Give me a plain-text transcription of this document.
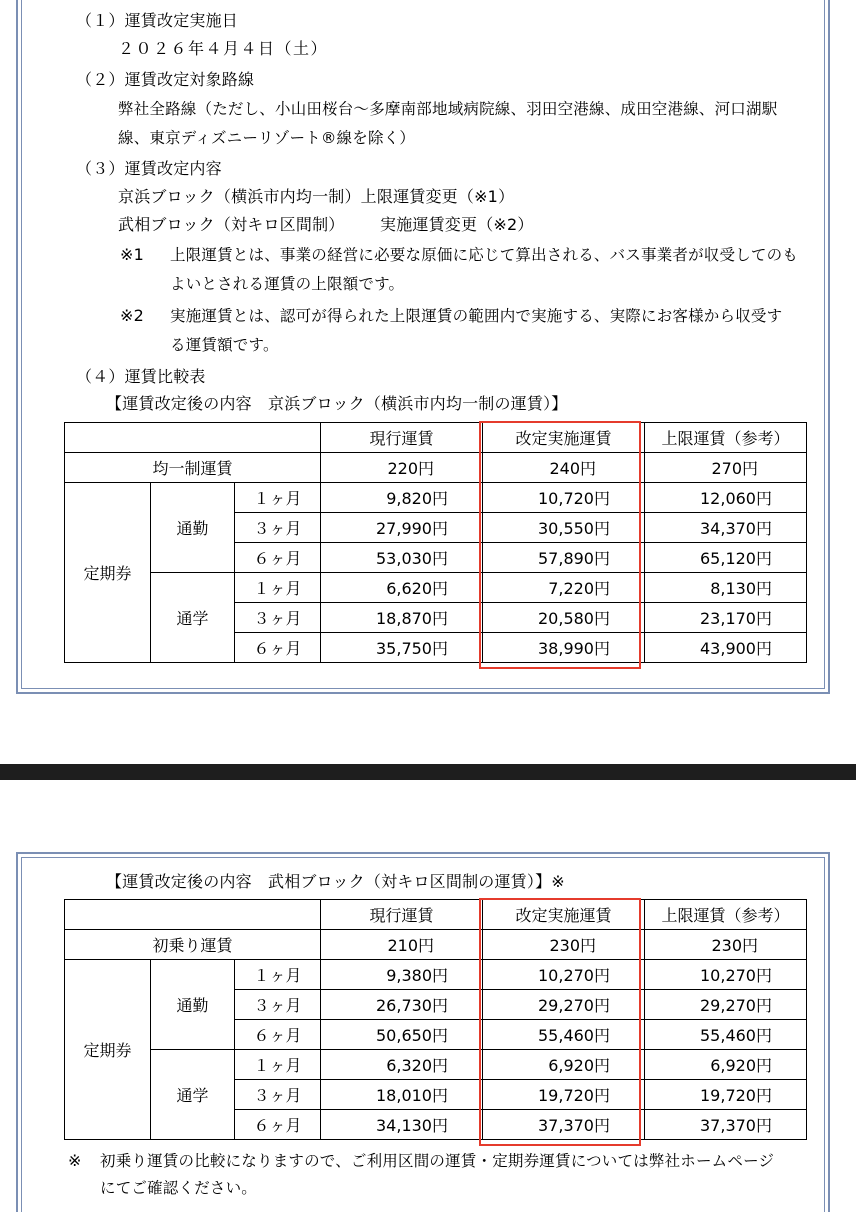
（１）運賃改定実施日
２０２６年４月４日（土）
（２）運賃改定対象路線
弊社全路線（ただし、小山田桜台～多摩南部地域病院線、羽田空港線、成田空港線、河口湖駅
線、東京ディズニーリゾート®線を除く）
（３）運賃改定内容
京浜ブロック（横浜市内均一制）上限運賃変更（※1）
武相ブロック（対キロ区間制） 実施運賃変更（※2）
※1 上限運賃とは、事業の経営に必要な原価に応じて算出される、バス事業者が収受してのも
よいとされる運賃の上限額です。
※2 実施運賃とは、認可が得られた上限運賃の範囲内で実施する、実際にお客様から収受す
る運賃額です。
（４）運賃比較表
【運賃改定後の内容　京浜ブロック（横浜市内均一制の運賃）】
			現行運賃	改定実施運賃	上限運賃（参考）
均一制運賃			220円	240円	270円
定期券	通勤	１ヶ月	9,820円	10,720円	12,060円
		３ヶ月	27,990円	30,550円	34,370円
		６ヶ月	53,030円	57,890円	65,120円
	通学	１ヶ月	6,620円	7,220円	8,130円
		３ヶ月	18,870円	20,580円	23,170円
		６ヶ月	35,750円	38,990円	43,900円
【運賃改定後の内容　武相ブロック（対キロ区間制の運賃）】※
			現行運賃	改定実施運賃	上限運賃（参考）
初乗り運賃			210円	230円	230円
定期券	通勤	１ヶ月	9,380円	10,270円	10,270円
		３ヶ月	26,730円	29,270円	29,270円
		６ヶ月	50,650円	55,460円	55,460円
	通学	１ヶ月	6,320円	6,920円	6,920円
		３ヶ月	18,010円	19,720円	19,720円
		６ヶ月	34,130円	37,370円	37,370円
※ 初乗り運賃の比較になりますので、ご利用区間の運賃・定期券運賃については弊社ホームページ
にてご確認ください。
